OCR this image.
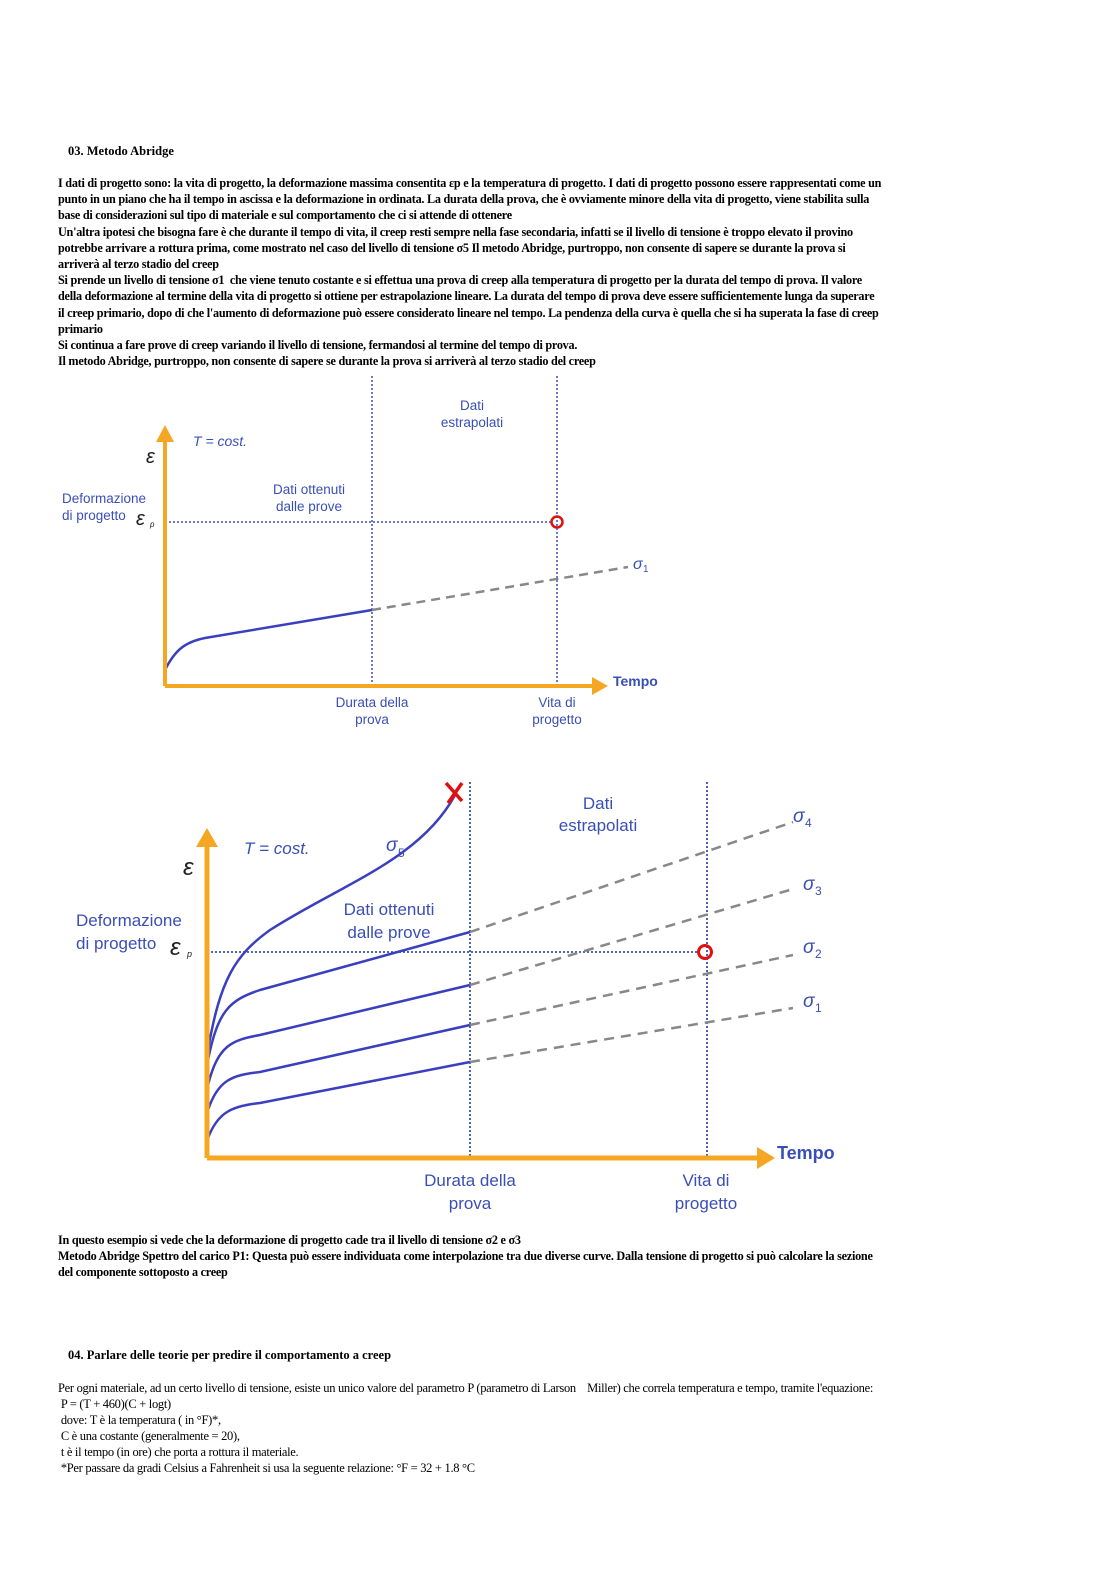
03. Metodo Abridge
I dati di progetto sono: la vita di progetto, la deformazione massima consentita εp e la temperatura di progetto. I dati di progetto possono essere rappresentati come un
punto in un piano che ha il tempo in ascissa e la deformazione in ordinata. La durata della prova, che è ovviamente minore della vita di progetto, viene stabilita sulla
base di considerazioni sul tipo di materiale e sul comportamento che ci si attende di ottenere
Un'altra ipotesi che bisogna fare è che durante il tempo di vita, il creep resti sempre nella fase secondaria, infatti se il livello di tensione è troppo elevato il provino
potrebbe arrivare a rottura prima, come mostrato nel caso del livello di tensione σ5 Il metodo Abridge, purtroppo, non consente di sapere se durante la prova si
arriverà al terzo stadio del creep
Si prende un livello di tensione σ1  che viene tenuto costante e si effettua una prova di creep alla temperatura di progetto per la durata del tempo di prova. Il valore
della deformazione al termine della vita di progetto si ottiene per estrapolazione lineare. La durata del tempo di prova deve essere sufficientemente lunga da superare
il creep primario, dopo di che l'aumento di deformazione può essere considerato lineare nel tempo. La pendenza della curva è quella che si ha superata la fase di creep
primario
Si continua a fare prove di creep variando il livello di tensione, fermandosi al termine del tempo di prova.
Il metodo Abridge, purtroppo, non consente di sapere se durante la prova si arriverà al terzo stadio del creep
ε
T = cost.
Dati
estrapolati
Dati ottenuti
dalle prove
Deformazione
di progetto ε p
σ 1
Tempo
Durata della
prova
Vita di
progetto
ε
T = cost.
Dati
estrapolati
Dati ottenuti
dalle prove
Deformazione
di progetto ε p
σ 5
σ 4
σ 3
σ 2
σ 1
Tempo
Durata della
prova
Vita di
progetto
In questo esempio si vede che la deformazione di progetto cade tra il livello di tensione σ2 e σ3
Metodo Abridge Spettro del carico P1: Questa può essere individuata come interpolazione tra due diverse curve. Dalla tensione di progetto si può calcolare la sezione
del componente sottoposto a creep
04. Parlare delle teorie per predire il comportamento a creep
Per ogni materiale, ad un certo livello di tensione, esiste un unico valore del parametro P (parametro di Larson    Miller) che correla temperatura e tempo, tramite l'equazione:
P = (T + 460)(C + logt)
dove: T è la temperatura ( in °F)*,
C è una costante (generalmente = 20),
t è il tempo (in ore) che porta a rottura il materiale.
*Per passare da gradi Celsius a Fahrenheit si usa la seguente relazione: °F = 32 + 1.8 °C
